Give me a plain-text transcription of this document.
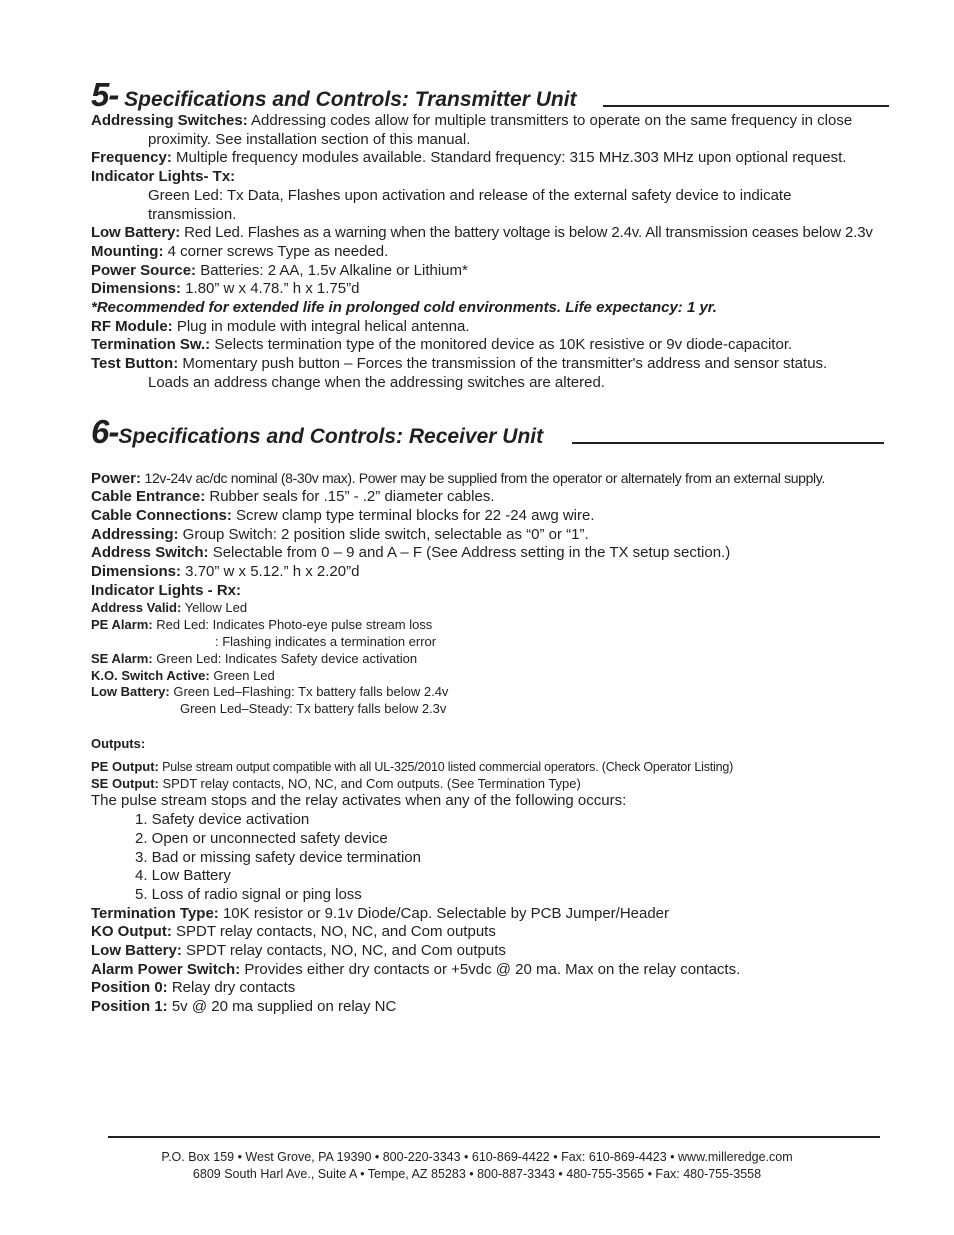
5- Specifications and Controls: Transmitter Unit
Addressing Switches: Addressing codes allow for multiple transmitters to operate on the same frequency in close
proximity. See installation section of this manual.
Frequency: Multiple frequency modules available. Standard frequency: 315 MHz.303 MHz upon optional request.
Indicator Lights- Tx:
Green Led: Tx Data, Flashes upon activation and release of the external safety device to indicate
transmission.
Low Battery: Red Led. Flashes as a warning when the battery voltage is below 2.4v. All transmission ceases below 2.3v
Mounting: 4 corner screws Type as needed.
Power Source: Batteries: 2 AA, 1.5v Alkaline or Lithium*
Dimensions: 1.80” w x 4.78.” h x 1.75”d
*Recommended for extended life in prolonged cold environments. Life expectancy: 1 yr.
RF Module: Plug in module with integral helical antenna.
Termination Sw.: Selects termination type of the monitored device as 10K resistive or 9v diode-capacitor.
Test Button: Momentary push button – Forces the transmission of the transmitter's address and sensor status.
Loads an address change when the addressing switches are altered.
6-Specifications and Controls: Receiver Unit
Power: 12v-24v ac/dc nominal (8-30v max). Power may be supplied from the operator or alternately from an external supply.
Cable Entrance: Rubber seals for .15” - .2” diameter cables.
Cable Connections: Screw clamp type terminal blocks for 22 -24 awg wire.
Addressing: Group Switch: 2 position slide switch, selectable as “0” or “1”.
Address Switch: Selectable from 0 – 9 and A – F (See Address setting in the TX setup section.)
Dimensions: 3.70” w x 5.12.” h x 2.20”d
Indicator Lights - Rx:
Address Valid: Yellow Led
PE Alarm: Red Led: Indicates Photo-eye pulse stream loss
: Flashing indicates a termination error
SE Alarm: Green Led: Indicates Safety device activation
K.O. Switch Active: Green Led
Low Battery: Green Led–Flashing: Tx battery falls below 2.4v
Green Led–Steady: Tx battery falls below 2.3v
Outputs:
PE Output: Pulse stream output compatible with all UL-325/2010 listed commercial operators. (Check Operator Listing)
SE Output: SPDT relay contacts, NO, NC, and Com outputs. (See Termination Type)
The pulse stream stops and the relay activates when any of the following occurs:
1. Safety device activation
2. Open or unconnected safety device
3. Bad or missing safety device termination
4. Low Battery
5. Loss of radio signal or ping loss
Termination Type: 10K resistor or 9.1v Diode/Cap. Selectable by PCB Jumper/Header
KO Output: SPDT relay contacts, NO, NC, and Com outputs
Low Battery: SPDT relay contacts, NO, NC, and Com outputs
Alarm Power Switch: Provides either dry contacts or +5vdc @ 20 ma. Max on the relay contacts.
Position 0: Relay dry contacts
Position 1: 5v @ 20 ma supplied on relay NC
P.O. Box 159 • West Grove, PA 19390 • 800-220-3343 • 610-869-4422 • Fax: 610-869-4423 • www.milleredge.com
6809 South Harl Ave., Suite A • Tempe, AZ 85283 • 800-887-3343 • 480-755-3565 • Fax: 480-755-3558
